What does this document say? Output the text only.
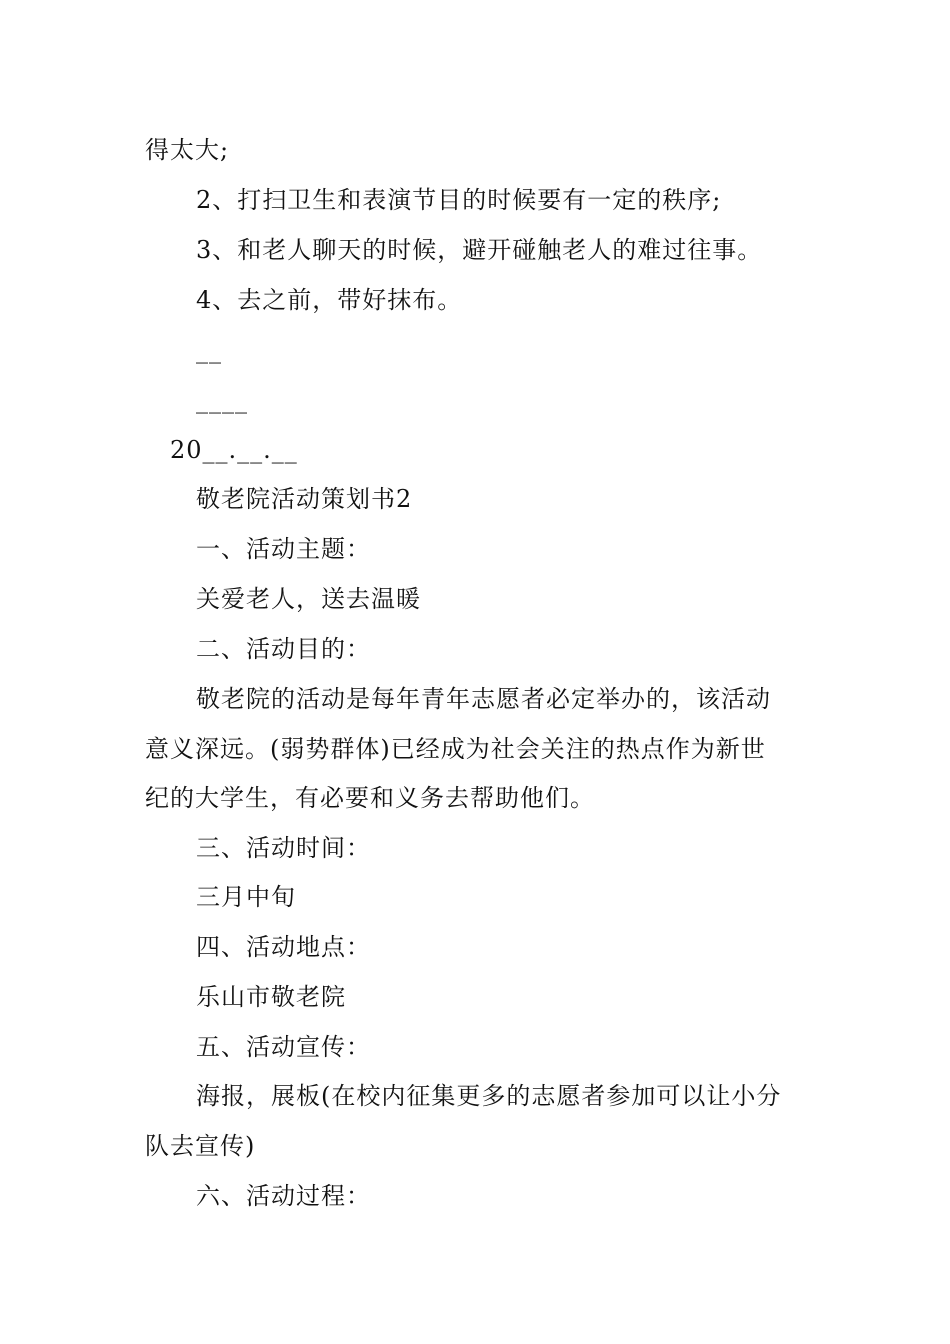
得太大;
2、打扫卫生和表演节目的时候要有一定的秩序;
3、和老人聊天的时候，避开碰触老人的难过往事。
4、去之前，带好抹布。
__
____
20__.__.__
敬老院活动策划书2
一、活动主题：
关爱老人，送去温暖
二、活动目的：
敬老院的活动是每年青年志愿者必定举办的，该活动
意义深远。(弱势群体)已经成为社会关注的热点作为新世
纪的大学生，有必要和义务去帮助他们。
三、活动时间：
三月中旬
四、活动地点：
乐山市敬老院
五、活动宣传：
海报，展板(在校内征集更多的志愿者参加可以让小分
队去宣传)
六、活动过程：
